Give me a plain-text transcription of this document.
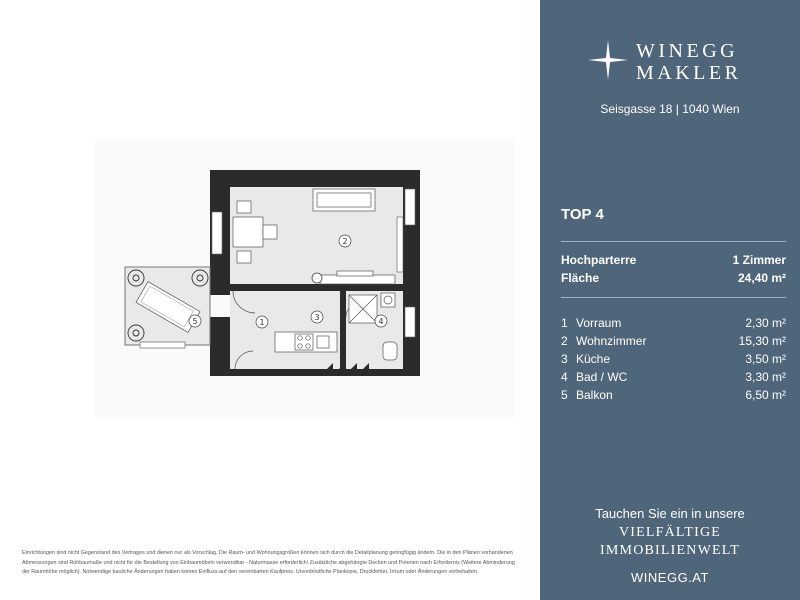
1
2
3	4
5

Einrichtungen sind nicht Gegenstand des Vertrages und dienen nur als Vorschlag. Die Raum- und Wohnungsgrößen können sich durch die Detailplanung geringfügig ändern. Die in den Plänen vorhandenen Abmessungen sind Rohbaumaße und nicht für die Bestellung von Einbaumöbeln verwendbar - Naturmasse erforderlich! Zusätzliche abgehängte Decken und Poterien nach Erfordernis (Weitere Abminderung der Raumhöhe möglich). Notwendige bauliche Änderungen haben keinen Einfluss auf den vereinbarten Kaufpreis. Unverbindliche Plankopie, Druckfehler, Irrtum oder Änderungen vorbehalten.

WINEGG
MAKLER
Seisgasse 18 | 1040 Wien
TOP 4
Hochparterre	1 Zimmer
Fläche	24,40 m²
1 Vorraum	2,30 m²
2 Wohnzimmer	15,30 m²
3 Küche	3,50 m²
4 Bad / WC	3,30 m²
5 Balkon	6,50 m²
Tauchen Sie ein in unsere
VIELFÄLTIGE
IMMOBILIENWELT
WINEGG.AT
